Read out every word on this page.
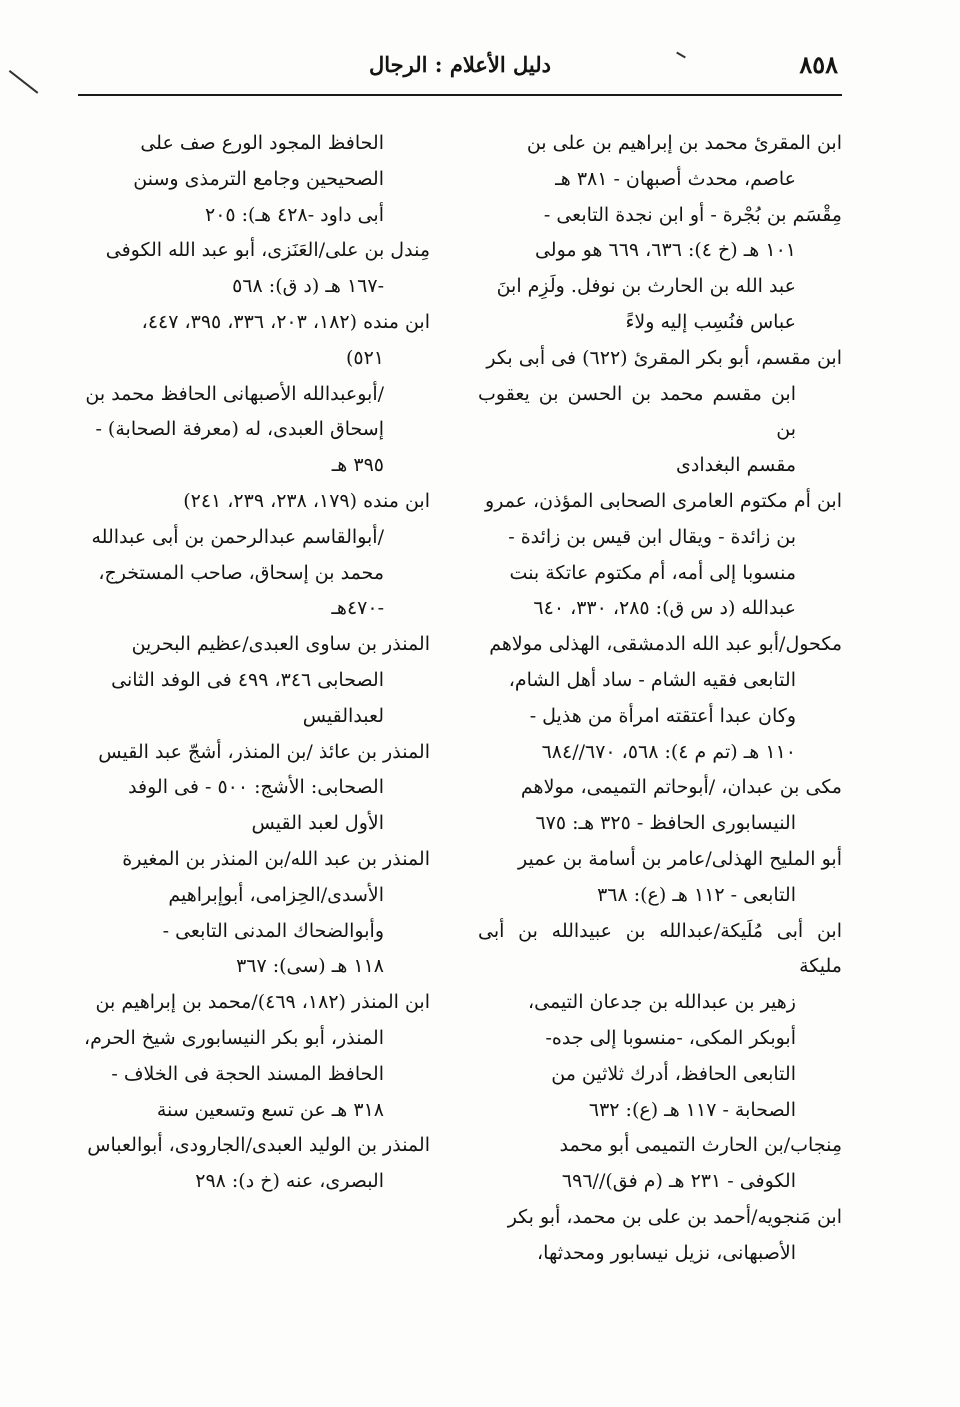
٨٥٨
دليل الأعلام : الرجال
ابن المقرئ محمد بن إبراهيم بن على بن
عاصم، محدث أصبهان - ٣٨١ هـ
مِقْسَم بن بُجْرة - أو ابن نجدة التابعى -
١٠١ هـ (خ ٤): ٦٣٦، ٦٦٩ هو مولى
عبد الله بن الحارث بن نوفل. ولَزِم ابنَ
عباس فنُسِب إليه ولاءً
ابن مقسم، أبو بكر المقرئ (٦٢٢) فى أبى بكر
ابن مقسم محمد بن الحسن بن يعقوب بن
مقسم البغدادى
ابن أم مكتوم العامرى الصحابى المؤذن، عمرو
بن زائدة - ويقال ابن قيس بن زائدة -
منسوبا إلى أمه، أم مكتوم عاتكة بنت
عبدالله (د س ق): ٢٨٥، ٣٣٠، ٦٤٠
مكحول/أبو عبد الله الدمشقى، الهذلى مولاهم
التابعى فقيه الشام - ساد أهل الشام،
وكان عبدا أعتقته امرأة من هذيل -
١١٠ هـ (تم م ٤): ٥٦٨، ٦٧٠//٦٨٤
مكى بن عبدان، /أبوحاتم التميمى، مولاهم
النيسابورى الحافظ - ٣٢٥ هـ: ٦٧٥
أبو المليح الهذلى/عامر بن أسامة بن عمير
التابعى - ١١٢ هـ (ع): ٣٦٨
ابن أبى مُلَيكة/عبدالله بن عبيدالله بن أبى مليكة
زهير بن عبدالله بن جدعان التيمى،
أبوبكر المكى، -منسوبا إلى جده-
التابعى الحافظ، أدرك ثلاثين من
الصحابة - ١١٧ هـ (ع): ٦٣٢
مِنجاب/بن الحارث التميمى أبو محمد
الكوفى - ٢٣١ هـ (م فق)//٦٩٦
ابن مَنجويه/أحمد بن على بن محمد، أبو بكر
الأصبهانى، نزيل نيسابور ومحدثها،
الحافظ المجود الورع صف على
الصحيحين وجامع الترمذى وسنن
أبى داود -٤٢٨ هـ): ٢٠٥
مِندل بن على/العَنَزى، أبو عبد الله الكوفى
-١٦٧ هـ (د ق): ٥٦٨
ابن منده (١٨٢، ٢٠٣، ٣٣٦، ٣٩٥، ٤٤٧،
٥٢١)
/أبوعبدالله الأصبهانى الحافظ محمد بن
إسحاق العبدى، له (معرفة الصحابة) -
٣٩٥ هـ
ابن منده (١٧٩، ٢٣٨، ٢٣٩، ٢٤١)
/أبوالقاسم عبدالرحمن بن أبى عبدالله
محمد بن إسحاق، صاحب المستخرج،
-٤٧٠هـ
المنذر بن ساوى العبدى/عظيم البحرين
الصحابى ٣٤٦، ٤٩٩ فى الوفد الثانى
لعبدالقيس
المنذر بن عائذ /بن المنذر، أشجّ عبد القيس
الصحابى: الأشج: ٥٠٠ - فى الوفد
الأول لعبد القيس
المنذر بن عبد الله/بن المنذر بن المغيرة
الأسدى/الحِزامى، أبوإبراهيم
وأبوالضحاك المدنى التابعى -
١١٨ هـ (سى): ٣٦٧
ابن المنذر (١٨٢، ٤٦٩)/محمد بن إبراهيم بن
المنذر، أبو بكر النيسابورى شيخ الحرم،
الحافظ المسند الحجة فى الخلاف -
٣١٨ هـ عن تسع وتسعين سنة
المنذر بن الوليد العبدى/الجارودى، أبوالعباس
البصرى، عنه (خ د): ٢٩٨
